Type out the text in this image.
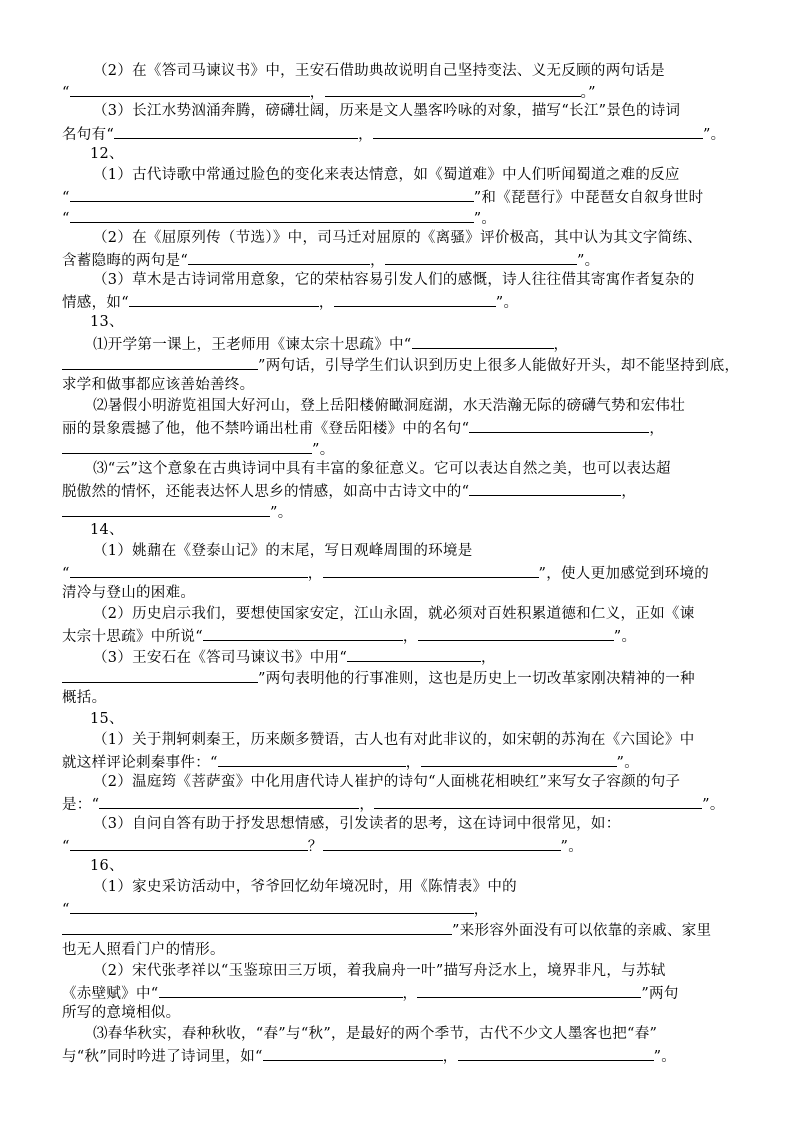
（2）在《答司马谏议书》中，王安石借助典故说明自己坚持变法、义无反顾的两句话是
“	，	。”
（3）长江水势汹涌奔腾，磅礴壮阔，历来是文人墨客吟咏的对象，描写“长江”景色的诗词
名句有“	，	”。
12、
（1）古代诗歌中常通过脸色的变化来表达情意，如《蜀道难》中人们听闻蜀道之难的反应
“	”和《琵琶行》中琵琶女自叙身世时
“	”。
（2）在《屈原列传（节选）》中，司马迁对屈原的《离骚》评价极高，其中认为其文字简练、
含蓄隐晦的两句是“	，	”。
（3）草木是古诗词常用意象，它的荣枯容易引发人们的感慨，诗人往往借其寄寓作者复杂的
情感，如“	，	”。
13、
⑴开学第一课上，王老师用《谏太宗十思疏》中“	，
”两句话，引导学生们认识到历史上很多人能做好开头，却不能坚持到底，
求学和做事都应该善始善终。
⑵暑假小明游览祖国大好河山，登上岳阳楼俯瞰洞庭湖，水天浩瀚无际的磅礴气势和宏伟壮
丽的景象震撼了他，他不禁吟诵出杜甫《登岳阳楼》中的名句“	，
”。
⑶“云”这个意象在古典诗词中具有丰富的象征意义。它可以表达自然之美，也可以表达超
脱傲然的情怀，还能表达怀人思乡的情感，如高中古诗文中的“	，
”。
14、
（1）姚鼐在《登泰山记》的末尾，写日观峰周围的环境是
“	，	”，使人更加感觉到环境的
清冷与登山的困难。
（2）历史启示我们，要想使国家安定，江山永固，就必须对百姓积累道德和仁义，正如《谏
太宗十思疏》中所说“	，	”。
（3）王安石在《答司马谏议书》中用“	，
”两句表明他的行事准则，这也是历史上一切改革家刚决精神的一种
概括。
15、
（1）关于荆轲刺秦王，历来颇多赞语，古人也有对此非议的，如宋朝的苏洵在《六国论》中
就这样评论刺秦事件：“	，	”。
（2）温庭筠《菩萨蛮》中化用唐代诗人崔护的诗句“人面桃花相映红”来写女子容颜的句子
是：“	，	”。
（3）自问自答有助于抒发思想情感，引发读者的思考，这在诗词中很常见，如：
“	？	”。
16、
（1）家史采访活动中，爷爷回忆幼年境况时，用《陈情表》中的
“	，
”来形容外面没有可以依靠的亲戚、家里
也无人照看门户的情形。
（2）宋代张孝祥以“玉鉴琼田三万顷，着我扁舟一叶”描写舟泛水上，境界非凡，与苏轼
《赤壁赋》中“	，	”两句
所写的意境相似。
⑶春华秋实，春种秋收，“春”与“秋”，是最好的两个季节，古代不少文人墨客也把“春”
与“秋”同时吟进了诗词里，如“	，	”。
